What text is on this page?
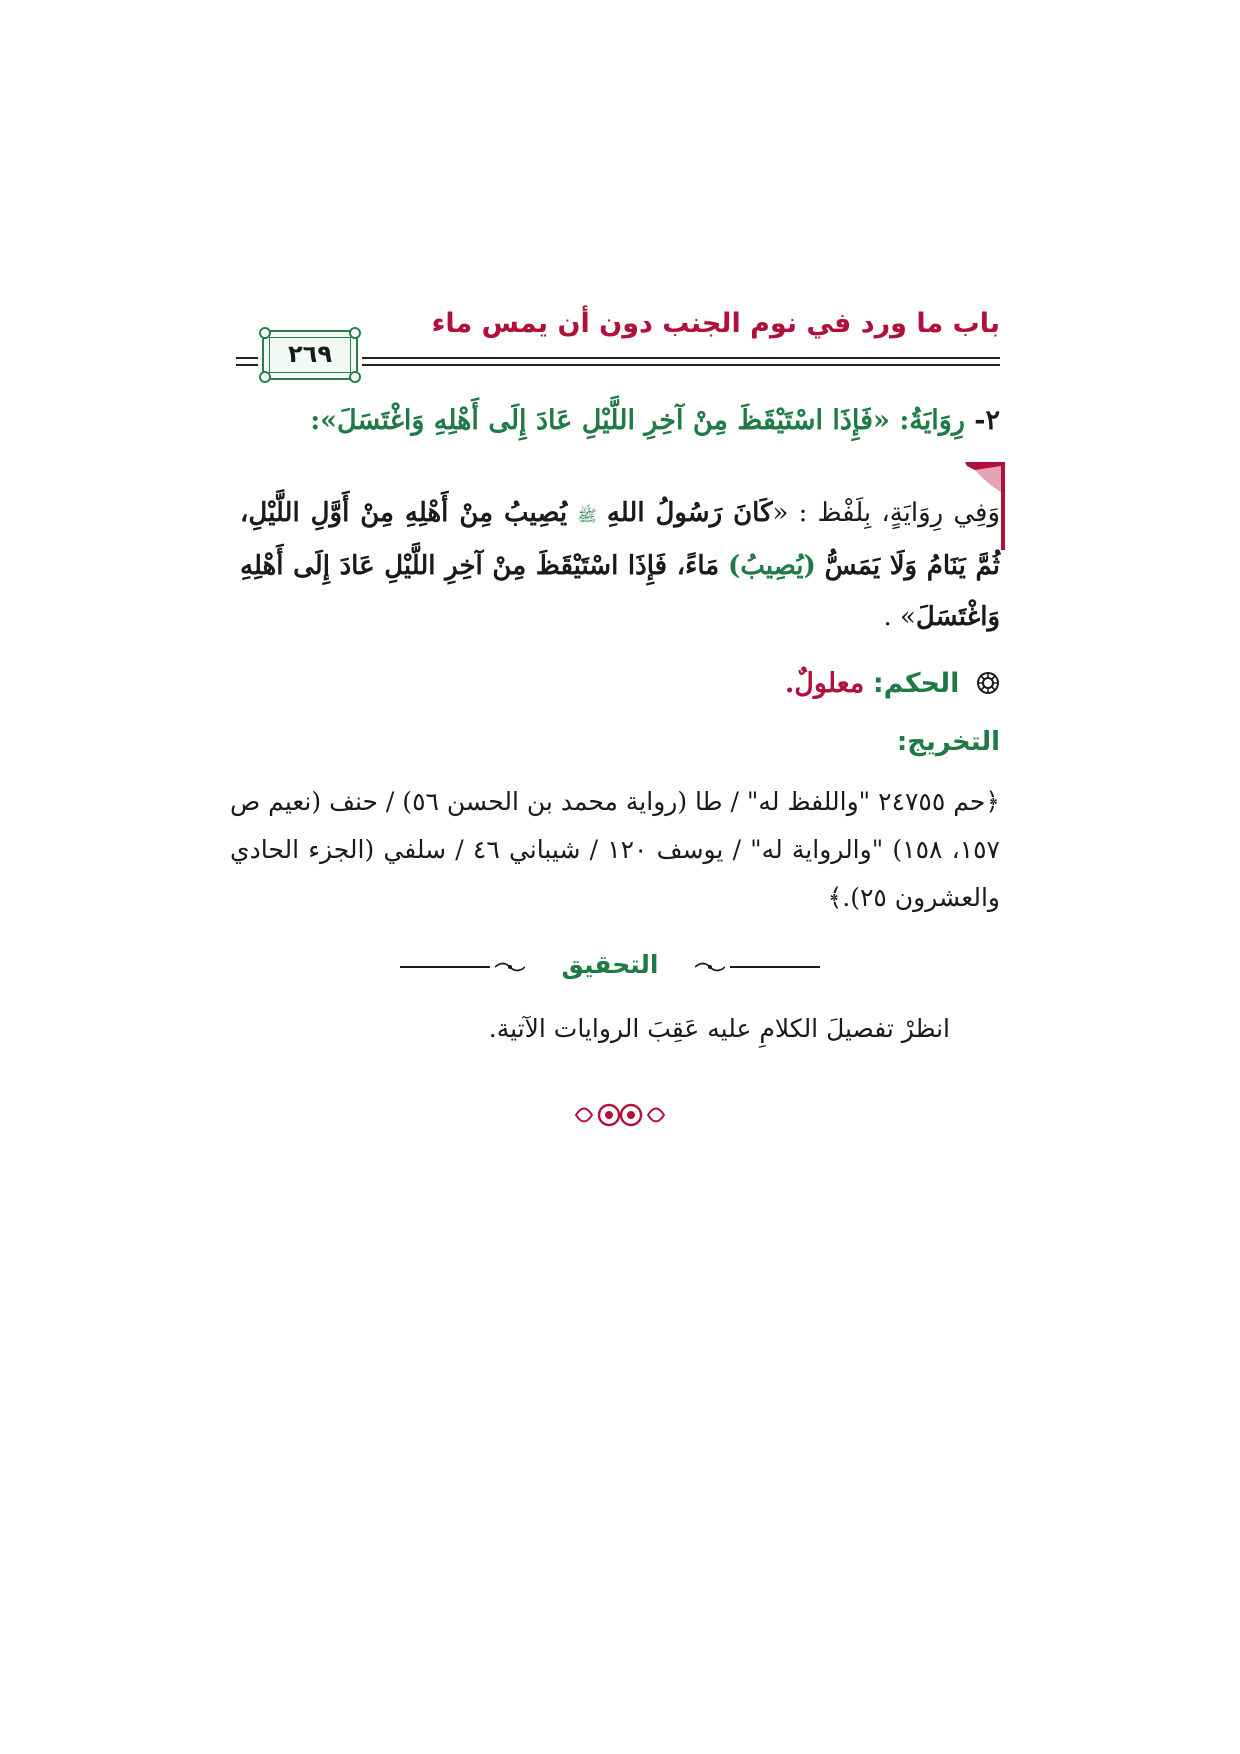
باب ما ورد في نوم الجنب دون أن يمس ماء
٢٦٩
٢- رِوَايَةُ: «فَإِذَا اسْتَيْقَظَ مِنْ آخِرِ اللَّيْلِ عَادَ إِلَى أَهْلِهِ وَاغْتَسَلَ»:
وَفِي رِوَايَةٍ، بِلَفْظ : «كَانَ رَسُولُ اللهِ ﷺ يُصِيبُ مِنْ أَهْلِهِ مِنْ أَوَّلِ اللَّيْلِ، ثُمَّ يَنَامُ وَلَا يَمَسُّ (يُصِيبُ) مَاءً، فَإِذَا اسْتَيْقَظَ مِنْ آخِرِ اللَّيْلِ عَادَ إِلَى أَهْلِهِ وَاغْتَسَلَ» .
الحكم: معلولٌ.
التخريج:
﴿حم ٢٤٧٥٥ "واللفظ له" / طا (رواية محمد بن الحسن ٥٦) / حنف (نعيم ص ١٥٧، ١٥٨) "والرواية له" / يوسف ١٢٠ / شيباني ٤٦ / سلفي (الجزء الحادي والعشرون ٢٥).﴾
التحقيق
انظرْ تفصيلَ الكلامِ عليه عَقِبَ الروايات الآتية.
